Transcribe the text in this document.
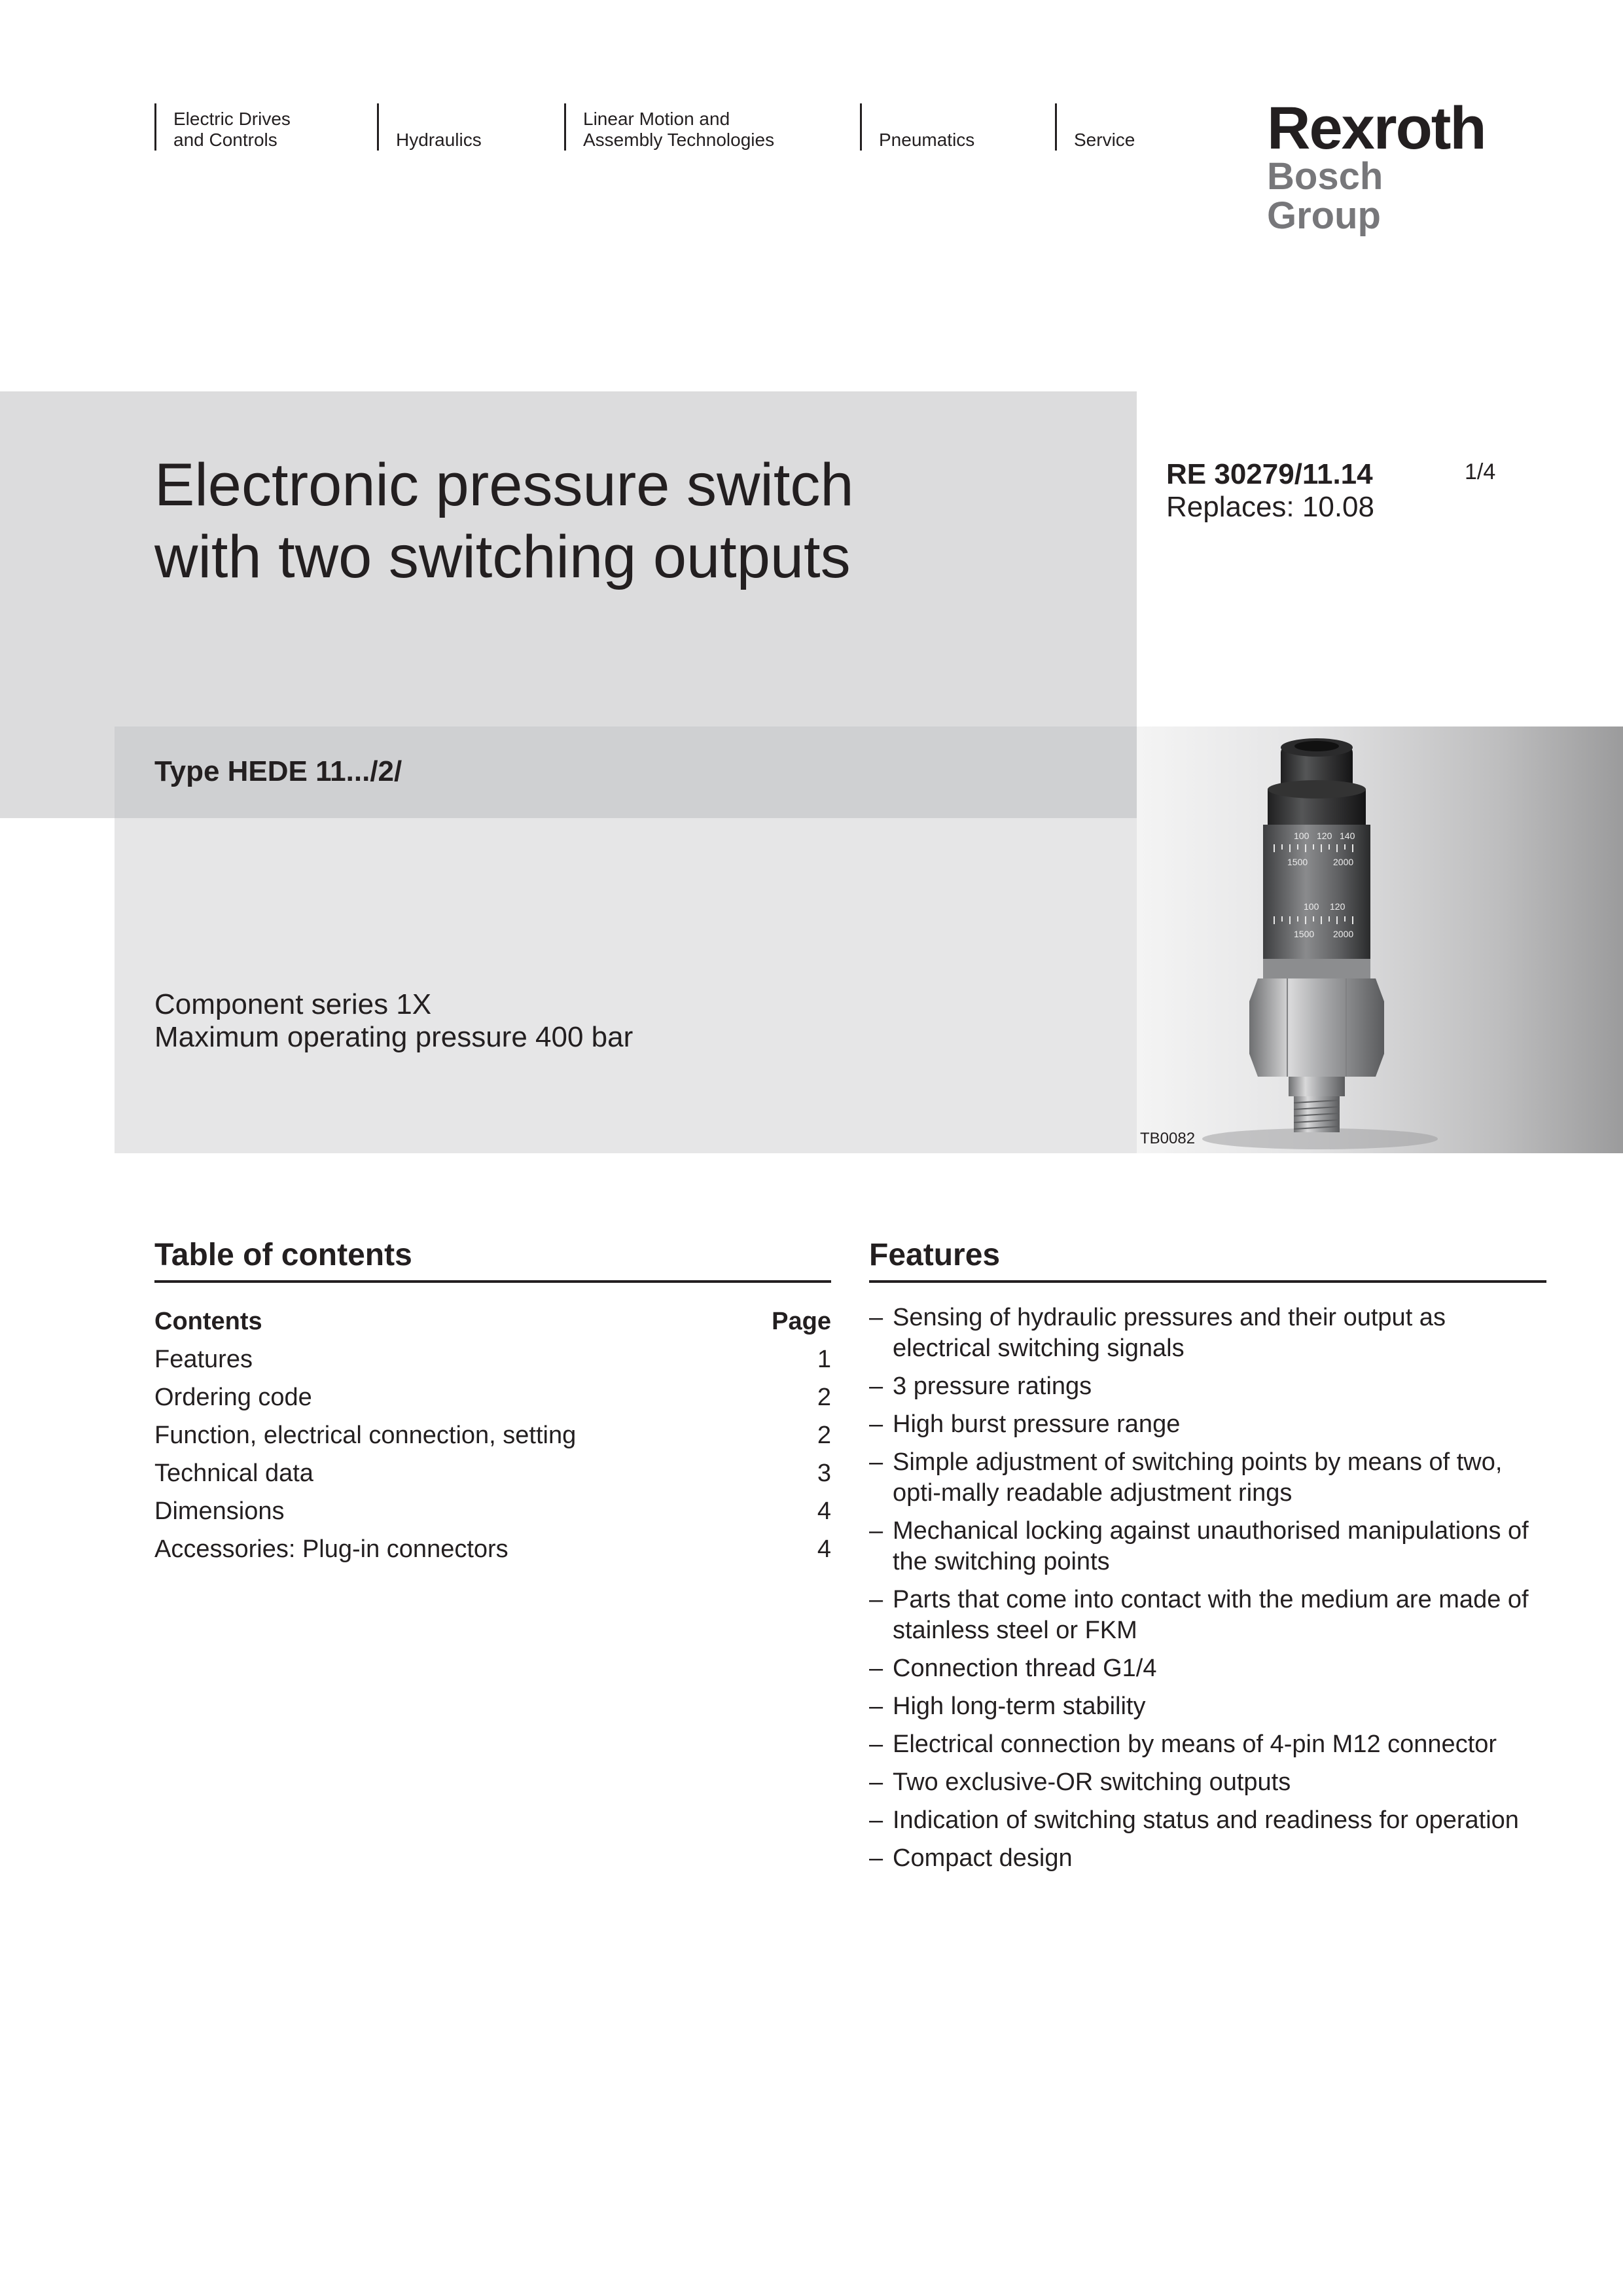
Electric Drives
and Controls	Hydraulics
Linear Motion and
Assembly Technologies	Pneumatics	Service Rexroth
Bosch Group
Electronic pressure switch
with two switching outputs
RE 30279/11.14
Replaces: 10.08
1/4
Type HEDE 11.../2/
Component series 1X
Maximum operating pressure 400 bar
100 120 140
1500	2000
100 120
1500 2000
TB0082
Table of contents
Contents	Page
Features	1
Ordering code	2
Function, electrical connection, setting	2
Technical data	3
Dimensions	4
Accessories: Plug-in connectors	4
Features
– Sensing of hydraulic pressures and their output as electrical switching signals
– 3 pressure ratings
– High burst pressure range
– Simple adjustment of switching points by means of two, opti-mally readable adjustment rings
– Mechanical locking against unauthorised manipulations of the switching points
– Parts that come into contact with the medium are made of stainless steel or FKM
– Connection thread G1/4
– High long-term stability
– Electrical connection by means of 4-pin M12 connector
– Two exclusive-OR switching outputs
– Indication of switching status and readiness for operation
– Compact design
